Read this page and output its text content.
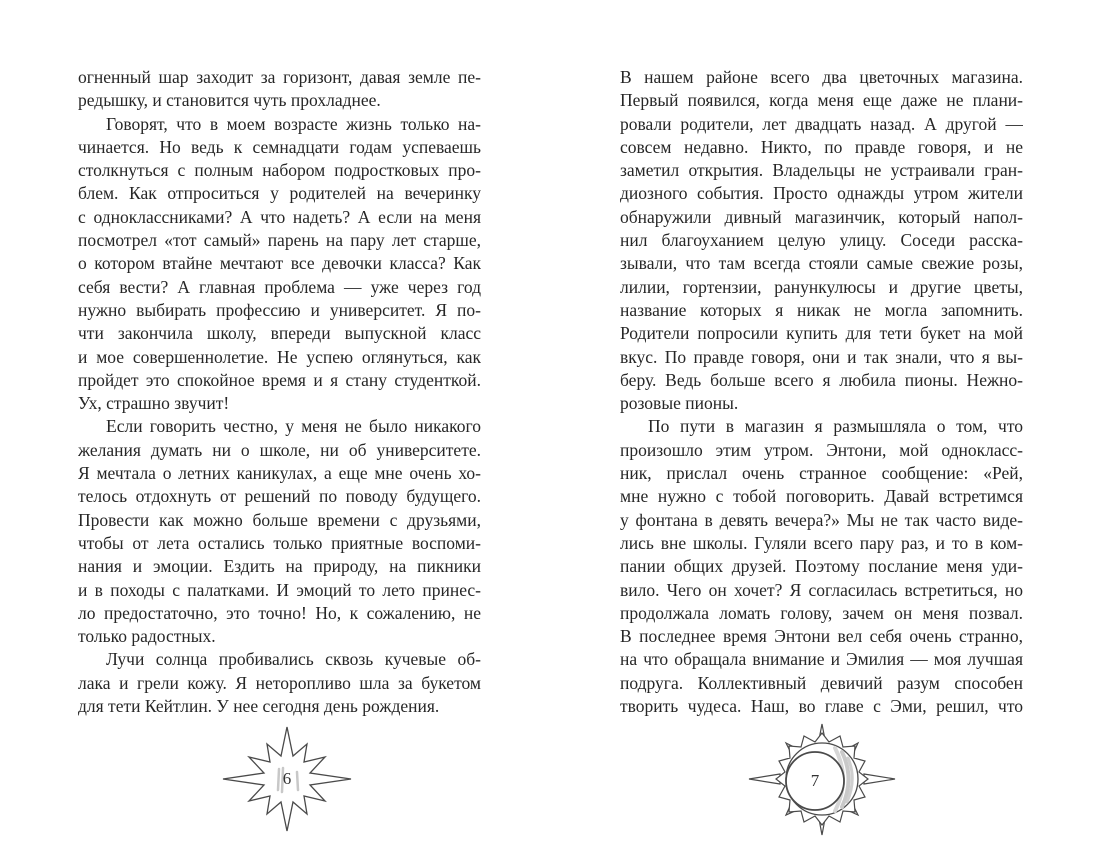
огненный шар заходит за горизонт, давая земле пе-
редышку, и становится чуть прохладнее.
Говорят, что в моем возрасте жизнь только на-
чинается. Но ведь к семнадцати годам успеваешь
столкнуться с полным набором подростковых про-
блем. Как отпроситься у родителей на вечеринку
с одноклассниками? А что надеть? А если на меня
посмотрел «тот самый» парень на пару лет старше,
о котором втайне мечтают все девочки класса? Как
себя вести? А главная проблема — уже через год
нужно выбирать профессию и университет. Я по-
чти закончила школу, впереди выпускной класс
и мое совершеннолетие. Не успею оглянуться, как
пройдет это спокойное время и я стану студенткой.
Ух, страшно звучит!
Если говорить честно, у меня не было никакого
желания думать ни о школе, ни об университете.
Я мечтала о летних каникулах, а еще мне очень хо-
телось отдохнуть от решений по поводу будущего.
Провести как можно больше времени с друзьями,
чтобы от лета остались только приятные воспоми-
нания и эмоции. Ездить на природу, на пикники
и в походы с палатками. И эмоций то лето принес-
ло предостаточно, это точно! Но, к сожалению, не
только радостных.
Лучи солнца пробивались сквозь кучевые об-
лака и грели кожу. Я неторопливо шла за букетом
для тети Кейтлин. У нее сегодня день рождения.
В нашем районе всего два цветочных магазина.
Первый появился, когда меня еще даже не плани-
ровали родители, лет двадцать назад. А другой —
совсем недавно. Никто, по правде говоря, и не
заметил открытия. Владельцы не устраивали гран-
диозного события. Просто однажды утром жители
обнаружили дивный магазинчик, который напол-
нил благоуханием целую улицу. Соседи расска-
зывали, что там всегда стояли самые свежие розы,
лилии, гортензии, ранункулюсы и другие цветы,
название которых я никак не могла запомнить.
Родители попросили купить для тети букет на мой
вкус. По правде говоря, они и так знали, что я вы-
беру. Ведь больше всего я любила пионы. Нежно-
розовые пионы.
По пути в магазин я размышляла о том, что
произошло этим утром. Энтони, мой однокласс-
ник, прислал очень странное сообщение: «Рей,
мне нужно с тобой поговорить. Давай встретимся
у фонтана в девять вечера?» Мы не так часто виде-
лись вне школы. Гуляли всего пару раз, и то в ком-
пании общих друзей. Поэтому послание меня уди-
вило. Чего он хочет? Я согласилась встретиться, но
продолжала ломать голову, зачем он меня позвал.
В последнее время Энтони вел себя очень странно,
на что обращала внимание и Эмилия — моя лучшая
подруга. Коллективный девичий разум способен
творить чудеса. Наш, во главе с Эми, решил, что
6	7
